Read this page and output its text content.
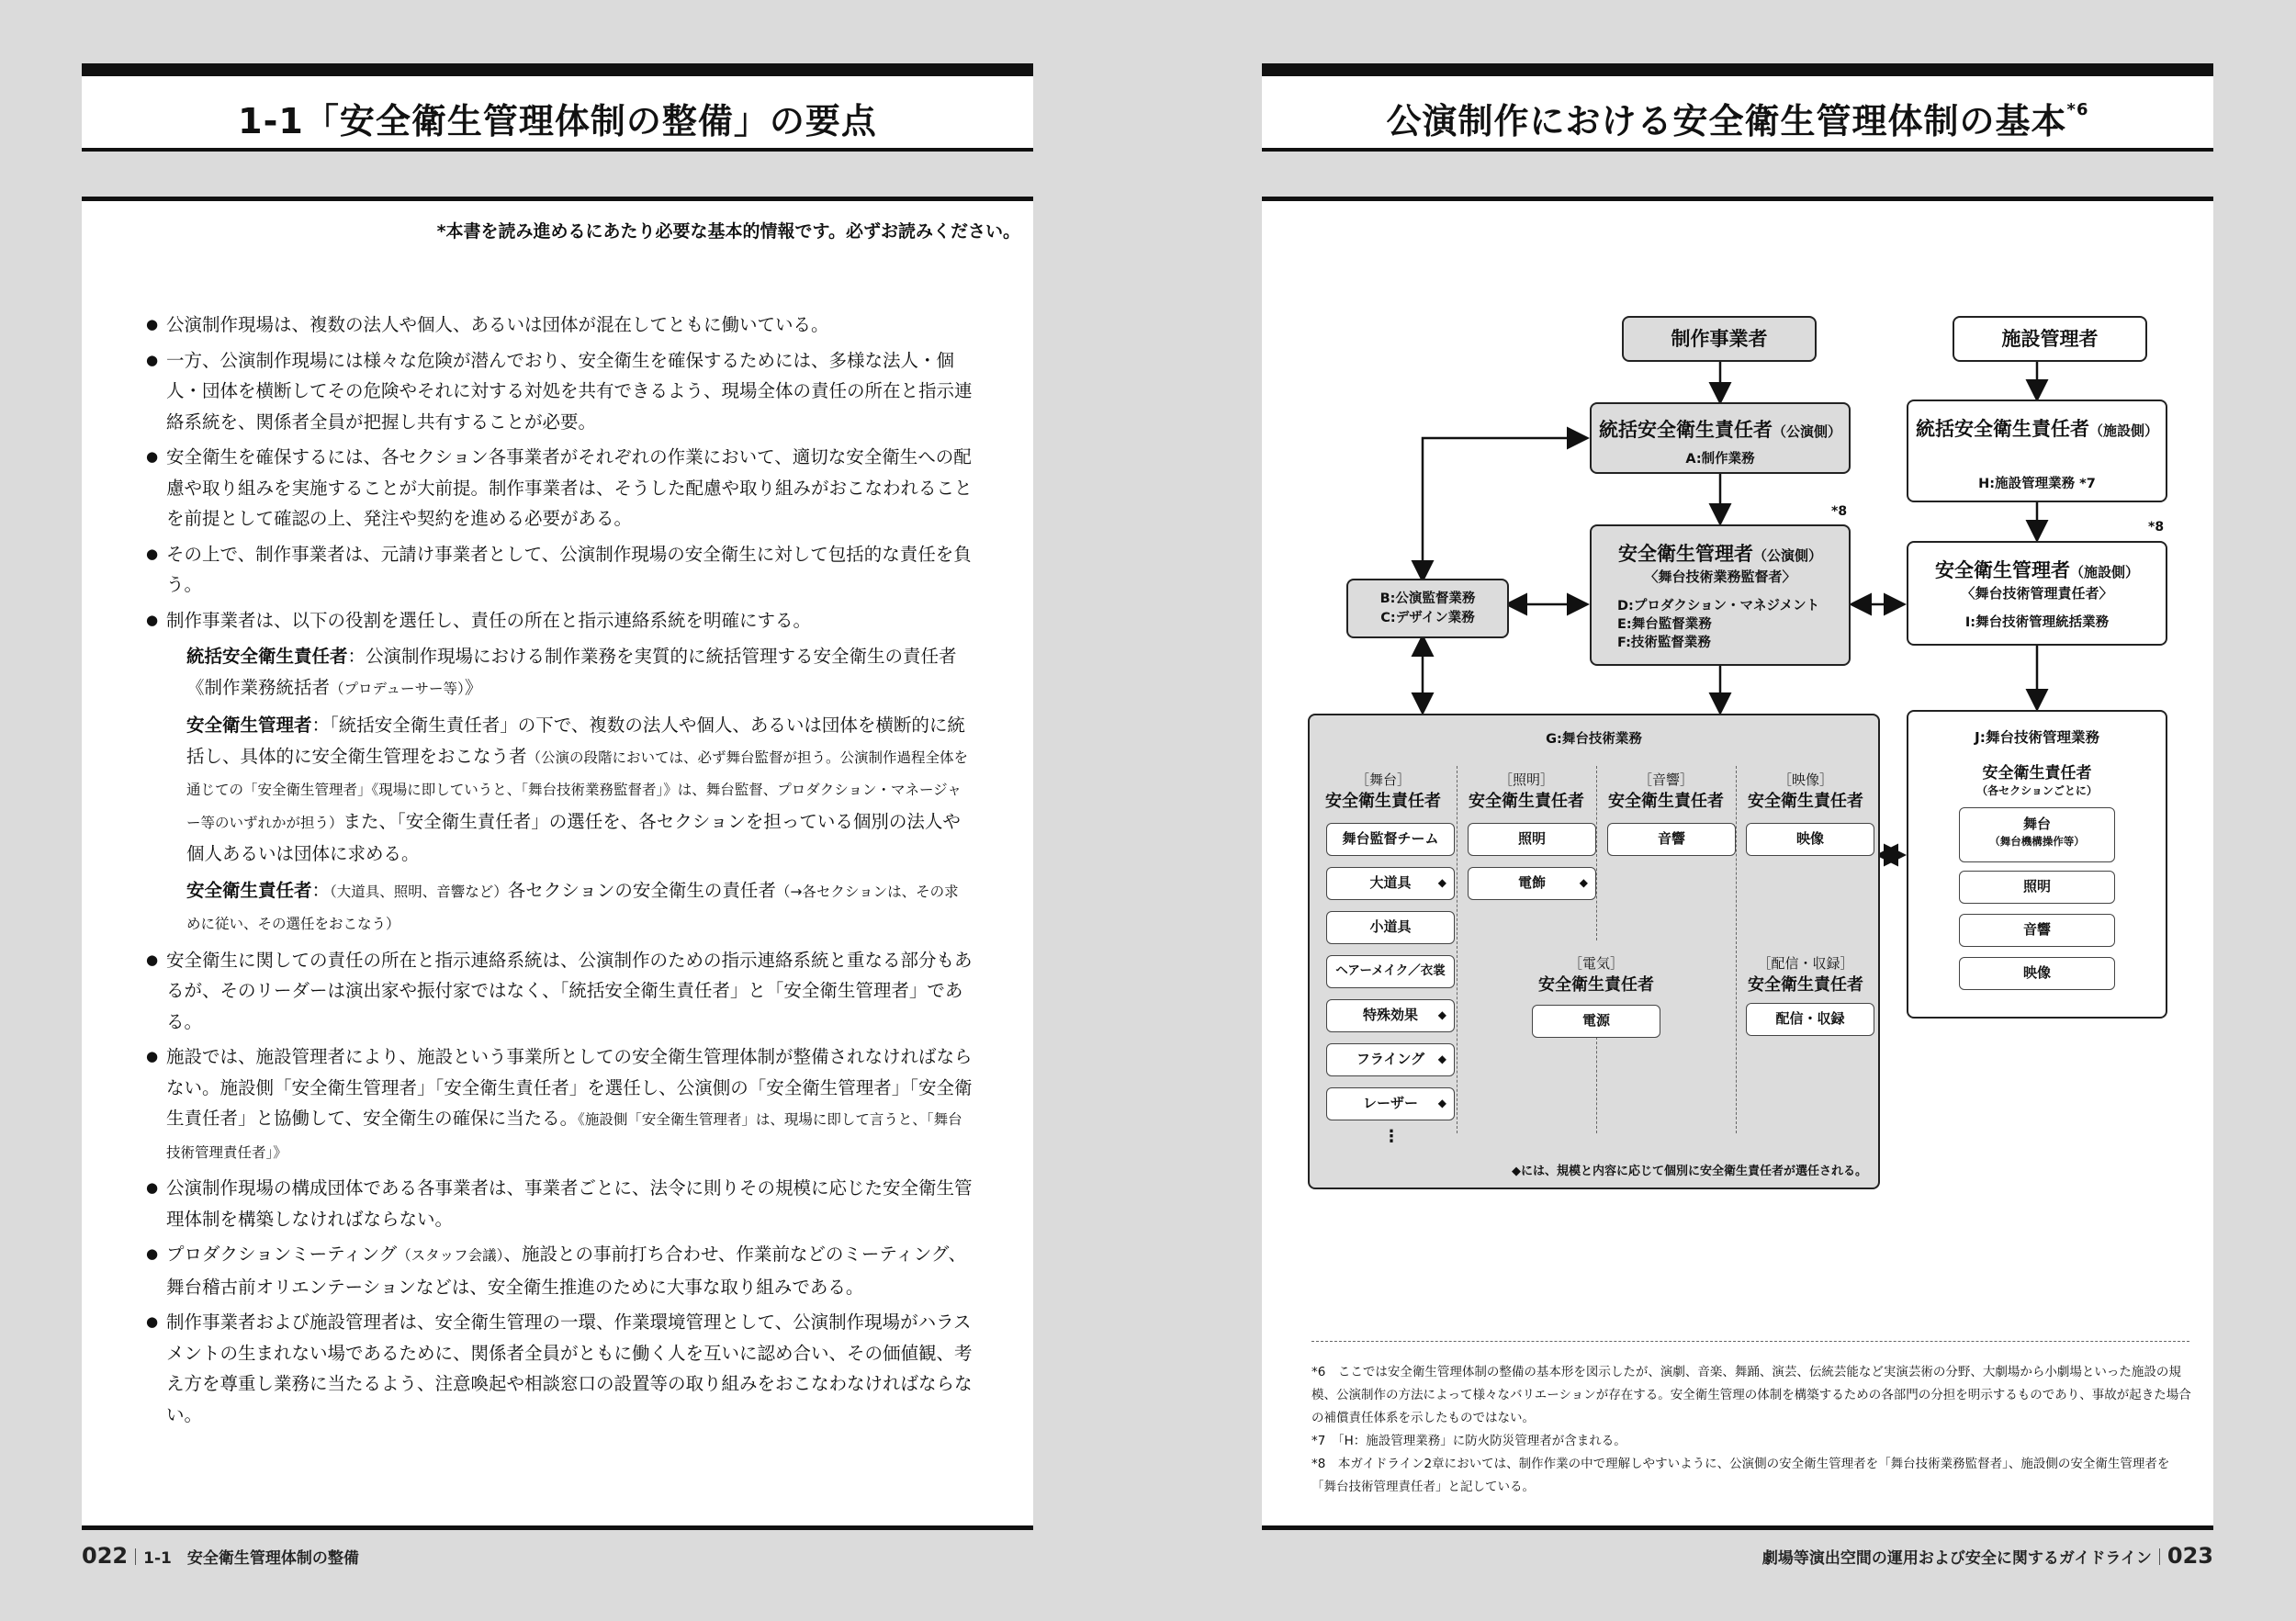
1-1「安全衛生管理体制の整備」の要点
*本書を読み進めるにあたり必要な基本的情報です。必ずお読みください。
● 公演制作現場は、複数の法人や個人、あるいは団体が混在してともに働いている。
● 一方、公演制作現場には様々な危険が潜んでおり、安全衛生を確保するためには、多様な法人・個人・団体を横断してその危険やそれに対する対処を共有できるよう、現場全体の責任の所在と指示連絡系統を、関係者全員が把握し共有することが必要。
● 安全衛生を確保するには、各セクション各事業者がそれぞれの作業において、適切な安全衛生への配慮や取り組みを実施することが大前提。制作事業者は、そうした配慮や取り組みがおこなわれることを前提として確認の上、発注や契約を進める必要がある。
● その上で、制作事業者は、元請け事業者として、公演制作現場の安全衛生に対して包括的な責任を負う。
● 制作事業者は、以下の役割を選任し、責任の所在と指示連絡系統を明確にする。
統括安全衛生責任者：公演制作現場における制作業務を実質的に統括管理する安全衛生の責任者《制作業務統括者（プロデューサー等）》
安全衛生管理者：「統括安全衛生責任者」の下で、複数の法人や個人、あるいは団体を横断的に統括し、具体的に安全衛生管理をおこなう者（公演の段階においては、必ず舞台監督が担う。公演制作過程全体を通じての「安全衛生管理者」《現場に即していうと、「舞台技術業務監督者」》は、舞台監督、プロダクション・マネージャー等のいずれかが担う）また、「安全衛生責任者」の選任を、各セクションを担っている個別の法人や個人あるいは団体に求める。
安全衛生責任者：（大道具、照明、音響など）各セクションの安全衛生の責任者（→各セクションは、その求めに従い、その選任をおこなう）
● 安全衛生に関しての責任の所在と指示連絡系統は、公演制作のための指示連絡系統と重なる部分もあるが、そのリーダーは演出家や振付家ではなく、「統括安全衛生責任者」と「安全衛生管理者」である。
● 施設では、施設管理者により、施設という事業所としての安全衛生管理体制が整備されなければならない。施設側「安全衛生管理者」「安全衛生責任者」を選任し、公演側の「安全衛生管理者」「安全衛生責任者」と協働して、安全衛生の確保に当たる。《施設側「安全衛生管理者」は、現場に即して言うと、「舞台技術管理責任者」》
● 公演制作現場の構成団体である各事業者は、事業者ごとに、法令に則りその規模に応じた安全衛生管理体制を構築しなければならない。
● プロダクションミーティング（スタッフ会議）、施設との事前打ち合わせ、作業前などのミーティング、舞台稽古前オリエンテーションなどは、安全衛生推進のために大事な取り組みである。
● 制作事業者および施設管理者は、安全衛生管理の一環、作業環境管理として、公演制作現場がハラスメントの生まれない場であるために、関係者全員がともに働く人を互いに認め合い、その価値観、考え方を尊重し業務に当たるよう、注意喚起や相談窓口の設置等の取り組みをおこなわなければならない。
022 1-1　安全衛生管理体制の整備
公演制作における安全衛生管理体制の基本$^{*6}$
制作事業者	施設管理者
統括安全衛生責任者（公演側）
A:制作業務
統括安全衛生責任者（施設側）
H:施設管理業務 *7
*8
安全衛生管理者（公演側）
〈舞台技術業務監督者〉
D:プロダクション・マネジメント
E:舞台監督業務
F:技術監督業務
*8
安全衛生管理者（施設側）
〈舞台技術管理責任者〉
I:舞台技術管理統括業務
B:公演監督業務
C:デザイン業務
G:舞台技術業務
［舞台］
安全衛生責任者
［照明］
安全衛生責任者
［音響］
安全衛生責任者
［映像］
安全衛生責任者
舞台監督チーム
大道具 ◆
小道具
ヘアーメイク／衣裳
特殊効果 ◆
フライング ◆
レーザー ◆
⋮
照明
電飾	◆
音響	映像
［電気］
安全衛生責任者
電源
［配信・収録］
安全衛生責任者
配信・収録
◆には、規模と内容に応じて個別に安全衛生責任者が選任される。
J:舞台技術管理業務
安全衛生責任者
（各セクションごとに）
舞台
（舞台機構操作等）
照明
音響
映像

*6　ここでは安全衛生管理体制の整備の基本形を図示したが、演劇、音楽、舞踊、演芸、伝統芸能など実演芸術の分野、大劇場から小劇場といった施設の規模、公演制作の方法によって様々なバリエーションが存在する。安全衛生管理の体制を構築するための各部門の分担を明示するものであり、事故が起きた場合の補償責任体系を示したものではない。

*7　「H：施設管理業務」に防火防災管理者が含まれる。

*8　本ガイドライン2章においては、制作作業の中で理解しやすいように、公演側の安全衛生管理者を「舞台技術業務監督者」、施設側の安全衛生管理者を「舞台技術管理責任者」と記している。

劇場等演出空間の運用および安全に関するガイドライン 023
